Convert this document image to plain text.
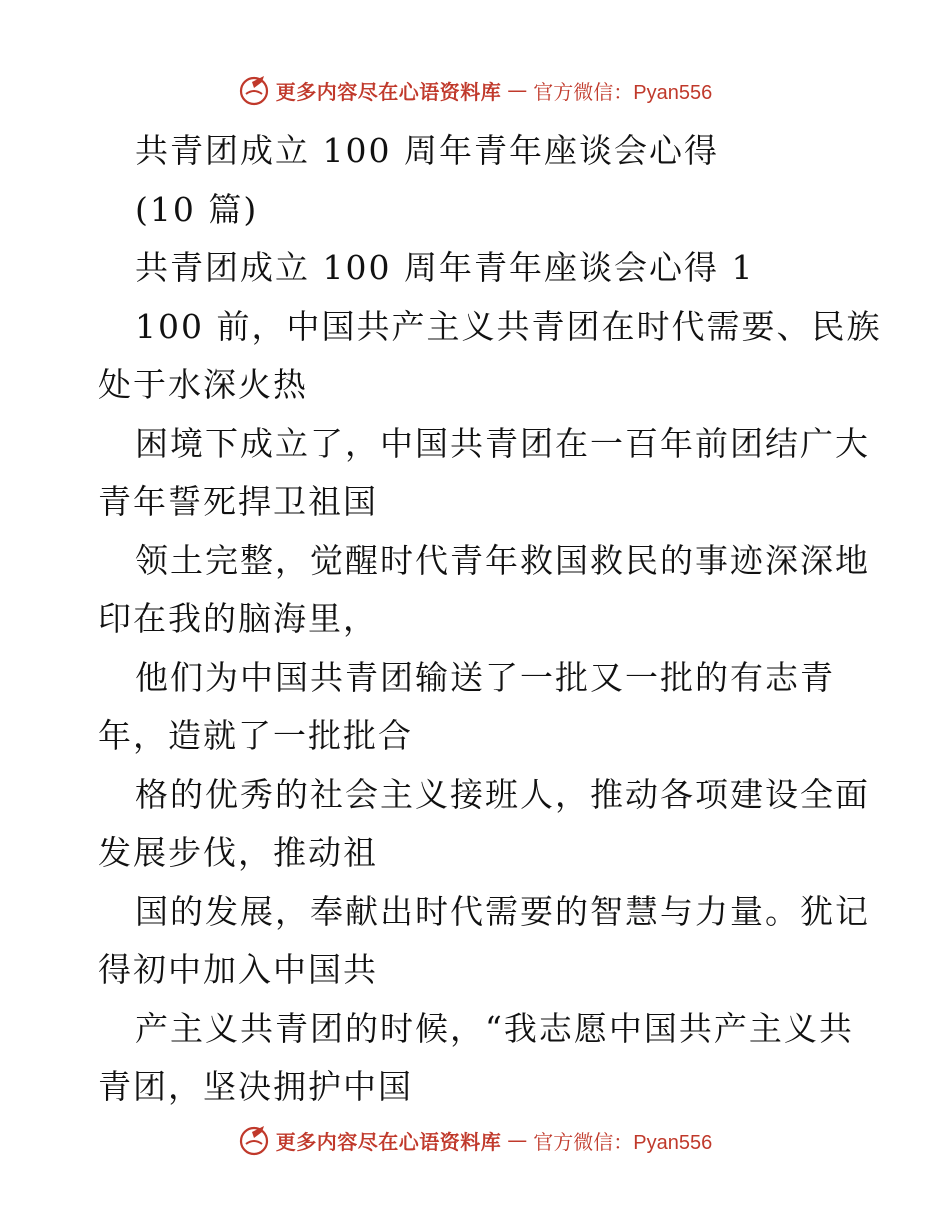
更多内容尽在心语资料库 — 官方微信：Pyan556
共青团成立 100 周年青年座谈会心得
(10 篇)
共青团成立 100 周年青年座谈会心得 1
100 前，中国共产主义共青团在时代需要、民族
处于水深火热
困境下成立了，中国共青团在一百年前团结广大
青年誓死捍卫祖国
领土完整，觉醒时代青年救国救民的事迹深深地
印在我的脑海里，
他们为中国共青团输送了一批又一批的有志青
年，造就了一批批合
格的优秀的社会主义接班人，推动各项建设全面
发展步伐，推动祖
国的发展，奉献出时代需要的智慧与力量。犹记
得初中加入中国共
产主义共青团的时候，“我志愿中国共产主义共
青团，坚决拥护中国
更多内容尽在心语资料库 — 官方微信：Pyan556
